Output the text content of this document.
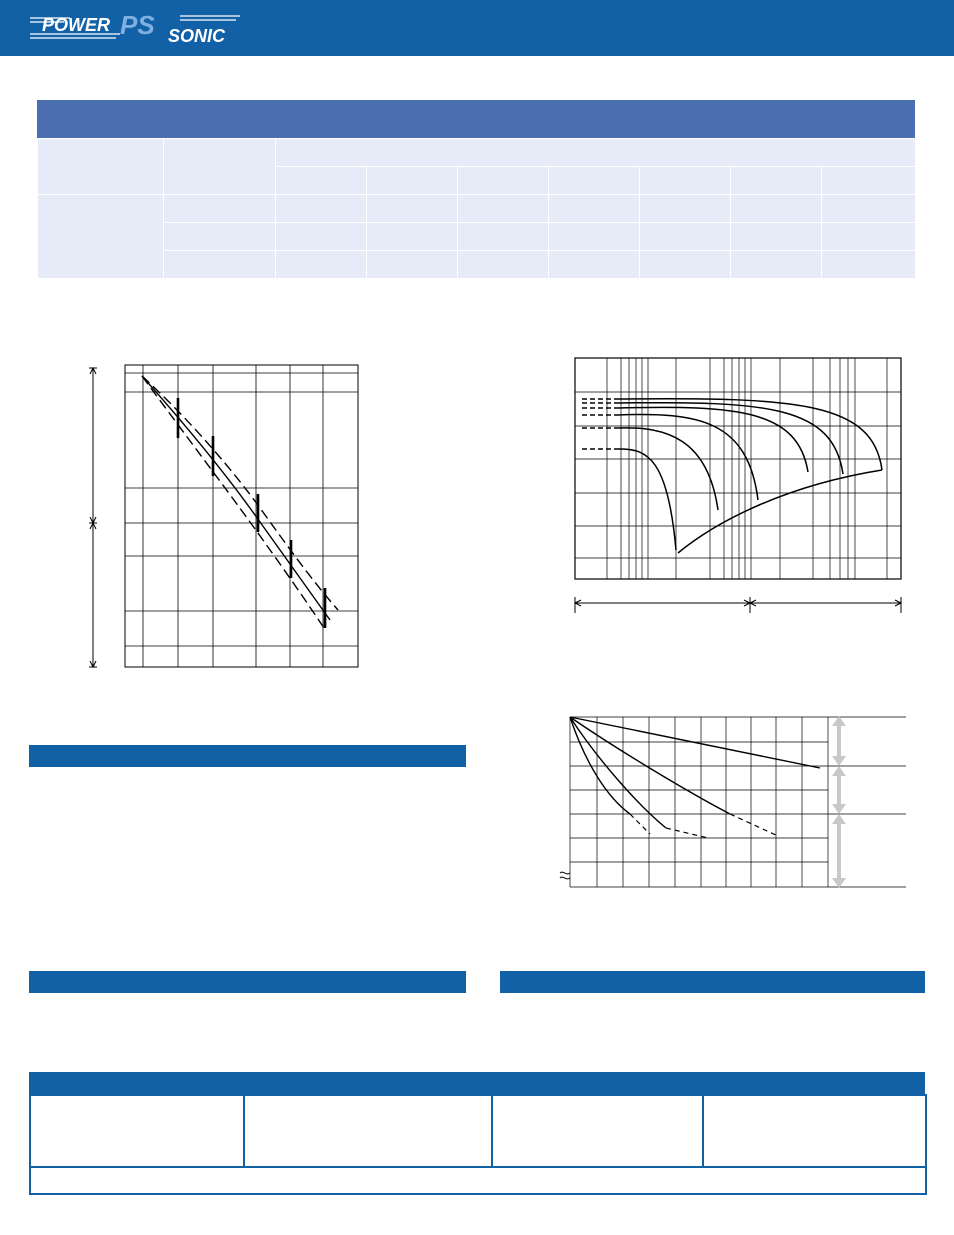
POWER PS SONIC
